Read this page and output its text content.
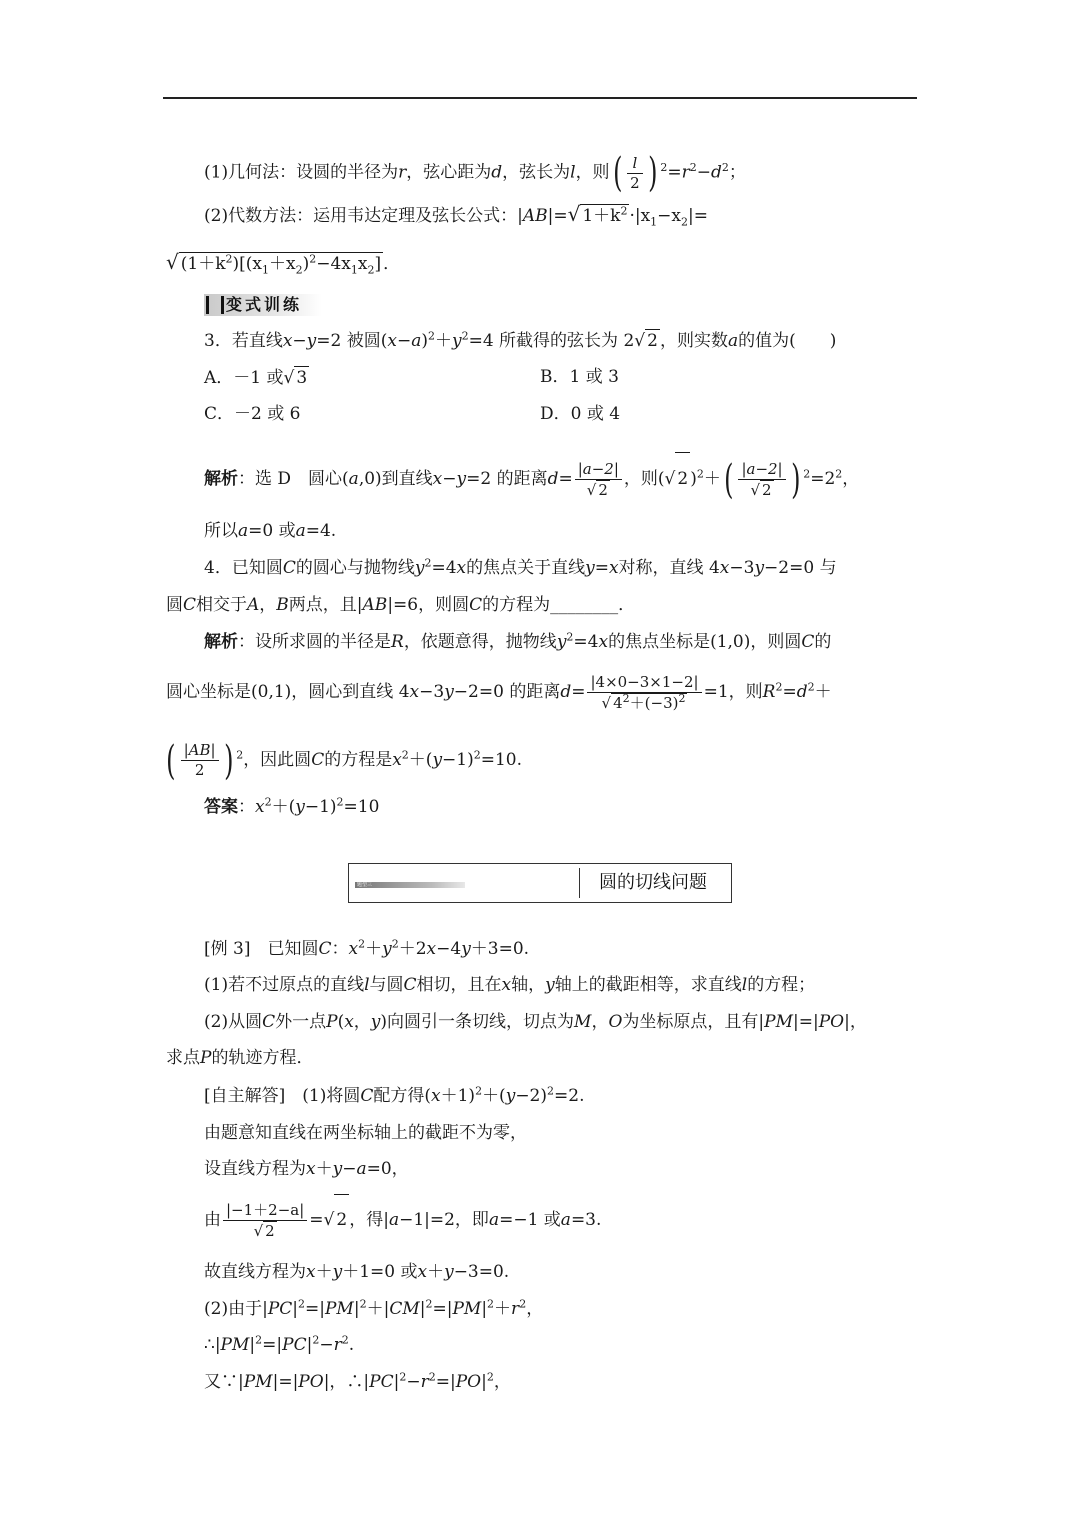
(1)几何法：设圆的半径为r，弦心距为d，弦长为l，则( $\frac{l}{2}$ ) $^2=r^2-d^2$；
(2)代数方法：运用韦达定理及弦长公式：|AB|=√ $1+k^2 \cdot|x_1-x_2|=$
√ $(1+k^2)[(x_1+x_2)^2-4x_1x_2]$ ．
变式训练
3．若直线x−y=2 被圆$(x-a)^2+y^2=4$ 所截得的弦长为 2√ 2 ，则实数a的值为(　　)
A．－1 或√ 3	B．1 或 3
C．－2 或 6	D．0 或 4
解析：选 D　圆心(a,0)到直线x−y=2 的距离$d= \frac{|a-2|}{√ 2}$ ，则(√ 2 )$^2+( \frac{|a-2|}{√ 2}$ ) $^2=2^2$，
所以a=0 或a=4.
4．已知圆C的圆心与抛物线$y^2=4x$的焦点关于直线y=x对称，直线 4x−3y−2=0 与
圆C相交于A，B两点，且|AB|=6，则圆C的方程为________．
解析：设所求圆的半径是R，依题意得，抛物线$y^2=4x$的焦点坐标是(1,0)，则圆C的
圆心坐标是(0,1)，圆心到直线 4x−3y−2=0 的距离$d= \frac{|4\times 0-3\times 1-2|}{√ 4^2+(-3)^2} =1$，则$R^2=d^2+$
( $\frac{|AB|}{2}$ ) $^2$，因此圆C的方程是$x^2+(y-1)^2=10$.
答案：$x^2+(y-1)^2=10$
题型三	圆的切线问题
[例 3]　已知圆C：$x^2+y^2+2x-4y+3=0$.
(1)若不过原点的直线l与圆C相切，且在x轴，y轴上的截距相等，求直线l的方程；
(2)从圆C外一点P(x，y)向圆引一条切线，切点为M，O为坐标原点，且有|PM|=|PO|，
求点P的轨迹方程．
[自主解答]　(1)将圆C配方得$(x+1)^2+(y-2)^2=2$.
由题意知直线在两坐标轴上的截距不为零，
设直线方程为x＋y−a=0，
由 $\frac{|-1+2-a|}{√ 2}$ =√ 2 ，得|a−1|=2，即a=−1 或a=3.
故直线方程为x＋y＋1=0 或x＋y−3=0.
(2)由于$|PC|^2=|PM|^2+|CM|^2=|PM|^2+r^2$，
$\therefore|PM|^2=|PC|^2-r^2$.
又∵|PM|=|PO|，$\therefore|PC|^2-r^2=|PO|^2$，
